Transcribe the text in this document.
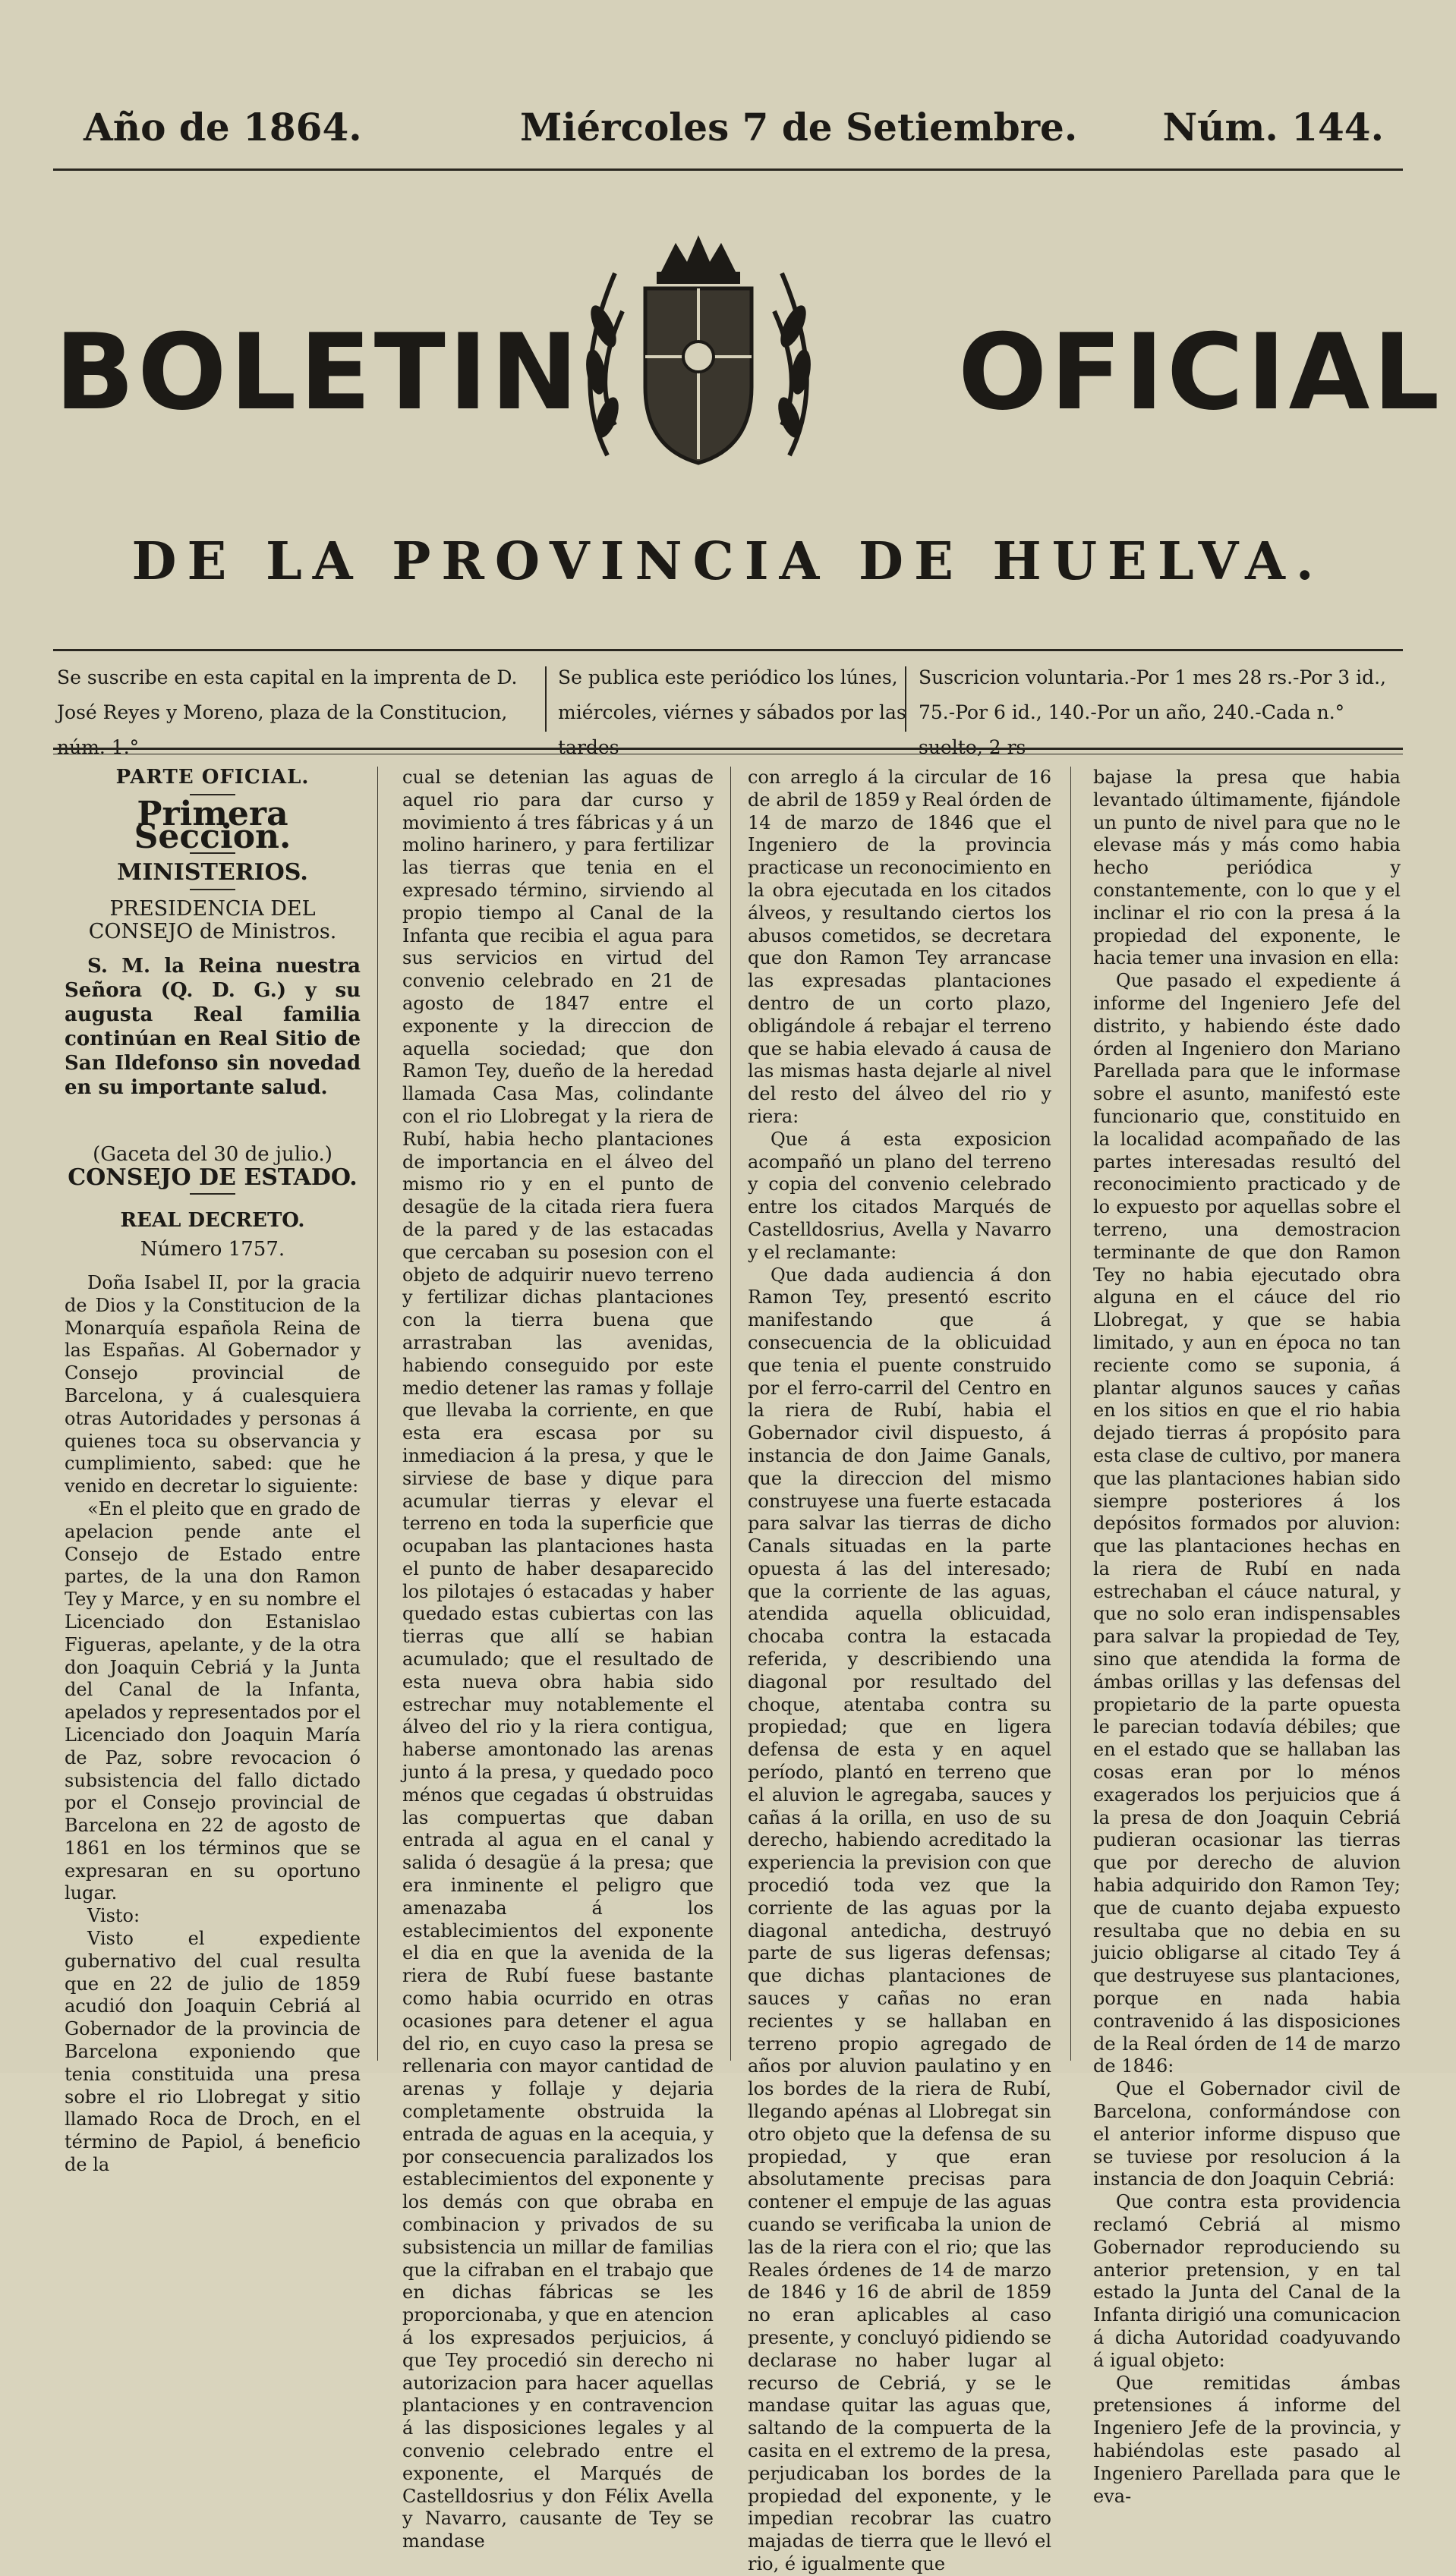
Año de 1864.	Miércoles 7 de Setiembre. Núm. 144.
BOLETIN	OFICIAL
DE LA PROVINCIA DE HUELVA.
Se suscribe en esta capital en la imprenta de D. José Reyes y Moreno, plaza de la Constitucion, núm. 1.°
Se publica este periódico los lúnes, miércoles, viérnes y sábados por las tardes
Suscricion voluntaria.-Por 1 mes 28 rs.-Por 3 id., 75.-Por 6 id., 140.-Por un año, 240.-Cada n.° suelto, 2 rs

PARTE OFICIAL.

Primera Seccion.

MINISTERIOS.

PRESIDENCIA DEL CONSEJO de Ministros.

S. M. la Reina nuestra Señora (Q. D. G.) y su augusta Real familia continúan en Real Sitio de San Ildefonso sin novedad en su importante salud.

(Gaceta del 30 de julio.)

CONSEJO DE ESTADO.

REAL DECRETO.

Número 1757.

Doña Isabel II, por la gracia de Dios y la Constitucion de la Monarquía española Reina de las Españas. Al Gobernador y Consejo provincial de Barcelona, y á cualesquiera otras Autoridades y personas á quienes toca su observancia y cumplimiento, sabed: que he venido en decretar lo siguiente:

«En el pleito que en grado de apelacion pende ante el Consejo de Estado entre partes, de la una don Ramon Tey y Marce, y en su nombre el Licenciado don Estanislao Figueras, apelante, y de la otra don Joaquin Cebriá y la Junta del Canal de la Infanta, apelados y representados por el Licenciado don Joaquin María de Paz, sobre revocacion ó subsistencia del fallo dictado por el Consejo provincial de Barcelona en 22 de agosto de 1861 en los términos que se expresaran en su oportuno lugar.

Visto:

Visto el expediente gubernativo del cual resulta que en 22 de julio de 1859 acudió don Joaquin Cebriá al Gobernador de la provincia de Barcelona exponiendo que tenia constituida una presa sobre el rio Llobregat y sitio llamado Roca de Droch, en el término de Papiol, á beneficio de la

cual se detenian las aguas de aquel rio para dar curso y movimiento á tres fábricas y á un molino harinero, y para fertilizar las tierras que tenia en el expresado término, sirviendo al propio tiempo al Canal de la Infanta que recibia el agua para sus servicios en virtud del convenio celebrado en 21 de agosto de 1847 entre el exponente y la direccion de aquella sociedad; que don Ramon Tey, dueño de la heredad llamada Casa Mas, colindante con el rio Llobregat y la riera de Rubí, habia hecho plantaciones de importancia en el álveo del mismo rio y en el punto de desagüe de la citada riera fuera de la pared y de las estacadas que cercaban su posesion con el objeto de adquirir nuevo terreno y fertilizar dichas plantaciones con la tierra buena que arrastraban las avenidas, habiendo conseguido por este medio detener las ramas y follaje que llevaba la corriente, en que esta era escasa por su inmediacion á la presa, y que le sirviese de base y dique para acumular tierras y elevar el terreno en toda la superficie que ocupaban las plantaciones hasta el punto de haber desaparecido los pilotajes ó estacadas y haber quedado estas cubiertas con las tierras que allí se habian acumulado; que el resultado de esta nueva obra habia sido estrechar muy notablemente el álveo del rio y la riera contigua, haberse amontonado las arenas junto á la presa, y quedado poco ménos que cegadas ú obstruidas las compuertas que daban entrada al agua en el canal y salida ó desagüe á la presa; que era inminente el peligro que amenazaba á los establecimientos del exponente el dia en que la avenida de la riera de Rubí fuese bastante como habia ocurrido en otras ocasiones para detener el agua del rio, en cuyo caso la presa se rellenaria con mayor cantidad de arenas y follaje y dejaria completamente obstruida la entrada de aguas en la acequia, y por consecuencia paralizados los establecimientos del exponente y los demás con que obraba en combinacion y privados de su subsistencia un millar de familias que la cifraban en el trabajo que en dichas fábricas se les proporcionaba, y que en atencion á los expresados perjuicios, á que Tey procedió sin derecho ni autorizacion para hacer aquellas plantaciones y en contravencion á las disposiciones legales y al convenio celebrado entre el exponente, el Marqués de Castelldosrius y don Félix Avella y Navarro, causante de Tey se mandase

con arreglo á la circular de 16 de abril de 1859 y Real órden de 14 de marzo de 1846 que el Ingeniero de la provincia practicase un reconocimiento en la obra ejecutada en los citados álveos, y resultando ciertos los abusos cometidos, se decretara que don Ramon Tey arrancase las expresadas plantaciones dentro de un corto plazo, obligándole á rebajar el terreno que se habia elevado á causa de las mismas hasta dejarle al nivel del resto del álveo del rio y riera:

Que á esta exposicion acompañó un plano del terreno y copia del convenio celebrado entre los citados Marqués de Castelldosrius, Avella y Navarro y el reclamante:

Que dada audiencia á don Ramon Tey, presentó escrito manifestando que á consecuencia de la oblicuidad que tenia el puente construido por el ferro-carril del Centro en la riera de Rubí, habia el Gobernador civil dispuesto, á instancia de don Jaime Ganals, que la direccion del mismo construyese una fuerte estacada para salvar las tierras de dicho Canals situadas en la parte opuesta á las del interesado; que la corriente de las aguas, atendida aquella oblicuidad, chocaba contra la estacada referida, y describiendo una diagonal por resultado del choque, atentaba contra su propiedad; que en ligera defensa de esta y en aquel período, plantó en terreno que el aluvion le agregaba, sauces y cañas á la orilla, en uso de su derecho, habiendo acreditado la experiencia la prevision con que procedió toda vez que la corriente de las aguas por la diagonal antedicha, destruyó parte de sus ligeras defensas; que dichas plantaciones de sauces y cañas no eran recientes y se hallaban en terreno propio agregado de años por aluvion paulatino y en los bordes de la riera de Rubí, llegando apénas al Llobregat sin otro objeto que la defensa de su propiedad, y que eran absolutamente precisas para contener el empuje de las aguas cuando se verificaba la union de las de la riera con el rio; que las Reales órdenes de 14 de marzo de 1846 y 16 de abril de 1859 no eran aplicables al caso presente, y concluyó pidiendo se declarase no haber lugar al recurso de Cebriá, y se le mandase quitar las aguas que, saltando de la compuerta de la casita en el extremo de la presa, perjudicaban los bordes de la propiedad del exponente, y le impedian recobrar las cuatro majadas de tierra que le llevó el rio, é igualmente que

bajase la presa que habia levantado últimamente, fijándole un punto de nivel para que no le elevase más y más como habia hecho periódica y constantemente, con lo que y el inclinar el rio con la presa á la propiedad del exponente, le hacia temer una invasion en ella:

Que pasado el expediente á informe del Ingeniero Jefe del distrito, y habiendo éste dado órden al Ingeniero don Mariano Parellada para que le informase sobre el asunto, manifestó este funcionario que, constituido en la localidad acompañado de las partes interesadas resultó del reconocimiento practicado y de lo expuesto por aquellas sobre el terreno, una demostracion terminante de que don Ramon Tey no habia ejecutado obra alguna en el cáuce del rio Llobregat, y que se habia limitado, y aun en época no tan reciente como se suponia, á plantar algunos sauces y cañas en los sitios en que el rio habia dejado tierras á propósito para esta clase de cultivo, por manera que las plantaciones habian sido siempre posteriores á los depósitos formados por aluvion: que las plantaciones hechas en la riera de Rubí en nada estrechaban el cáuce natural, y que no solo eran indispensables para salvar la propiedad de Tey, sino que atendida la forma de ámbas orillas y las defensas del propietario de la parte opuesta le parecian todavía débiles; que en el estado que se hallaban las cosas eran por lo ménos exagerados los perjuicios que á la presa de don Joaquin Cebriá pudieran ocasionar las tierras que por derecho de aluvion habia adquirido don Ramon Tey; que de cuanto dejaba expuesto resultaba que no debia en su juicio obligarse al citado Tey á que destruyese sus plantaciones, porque en nada habia contravenido á las disposiciones de la Real órden de 14 de marzo de 1846:

Que el Gobernador civil de Barcelona, conformándose con el anterior informe dispuso que se tuviese por resolucion á la instancia de don Joaquin Cebriá:

Que contra esta providencia reclamó Cebriá al mismo Gobernador reproduciendo su anterior pretension, y en tal estado la Junta del Canal de la Infanta dirigió una comunicacion á dicha Autoridad coadyuvando á igual objeto:

Que remitidas ámbas pretensiones á informe del Ingeniero Jefe de la provincia, y habiéndolas este pasado al Ingeniero Parellada para que le eva-
